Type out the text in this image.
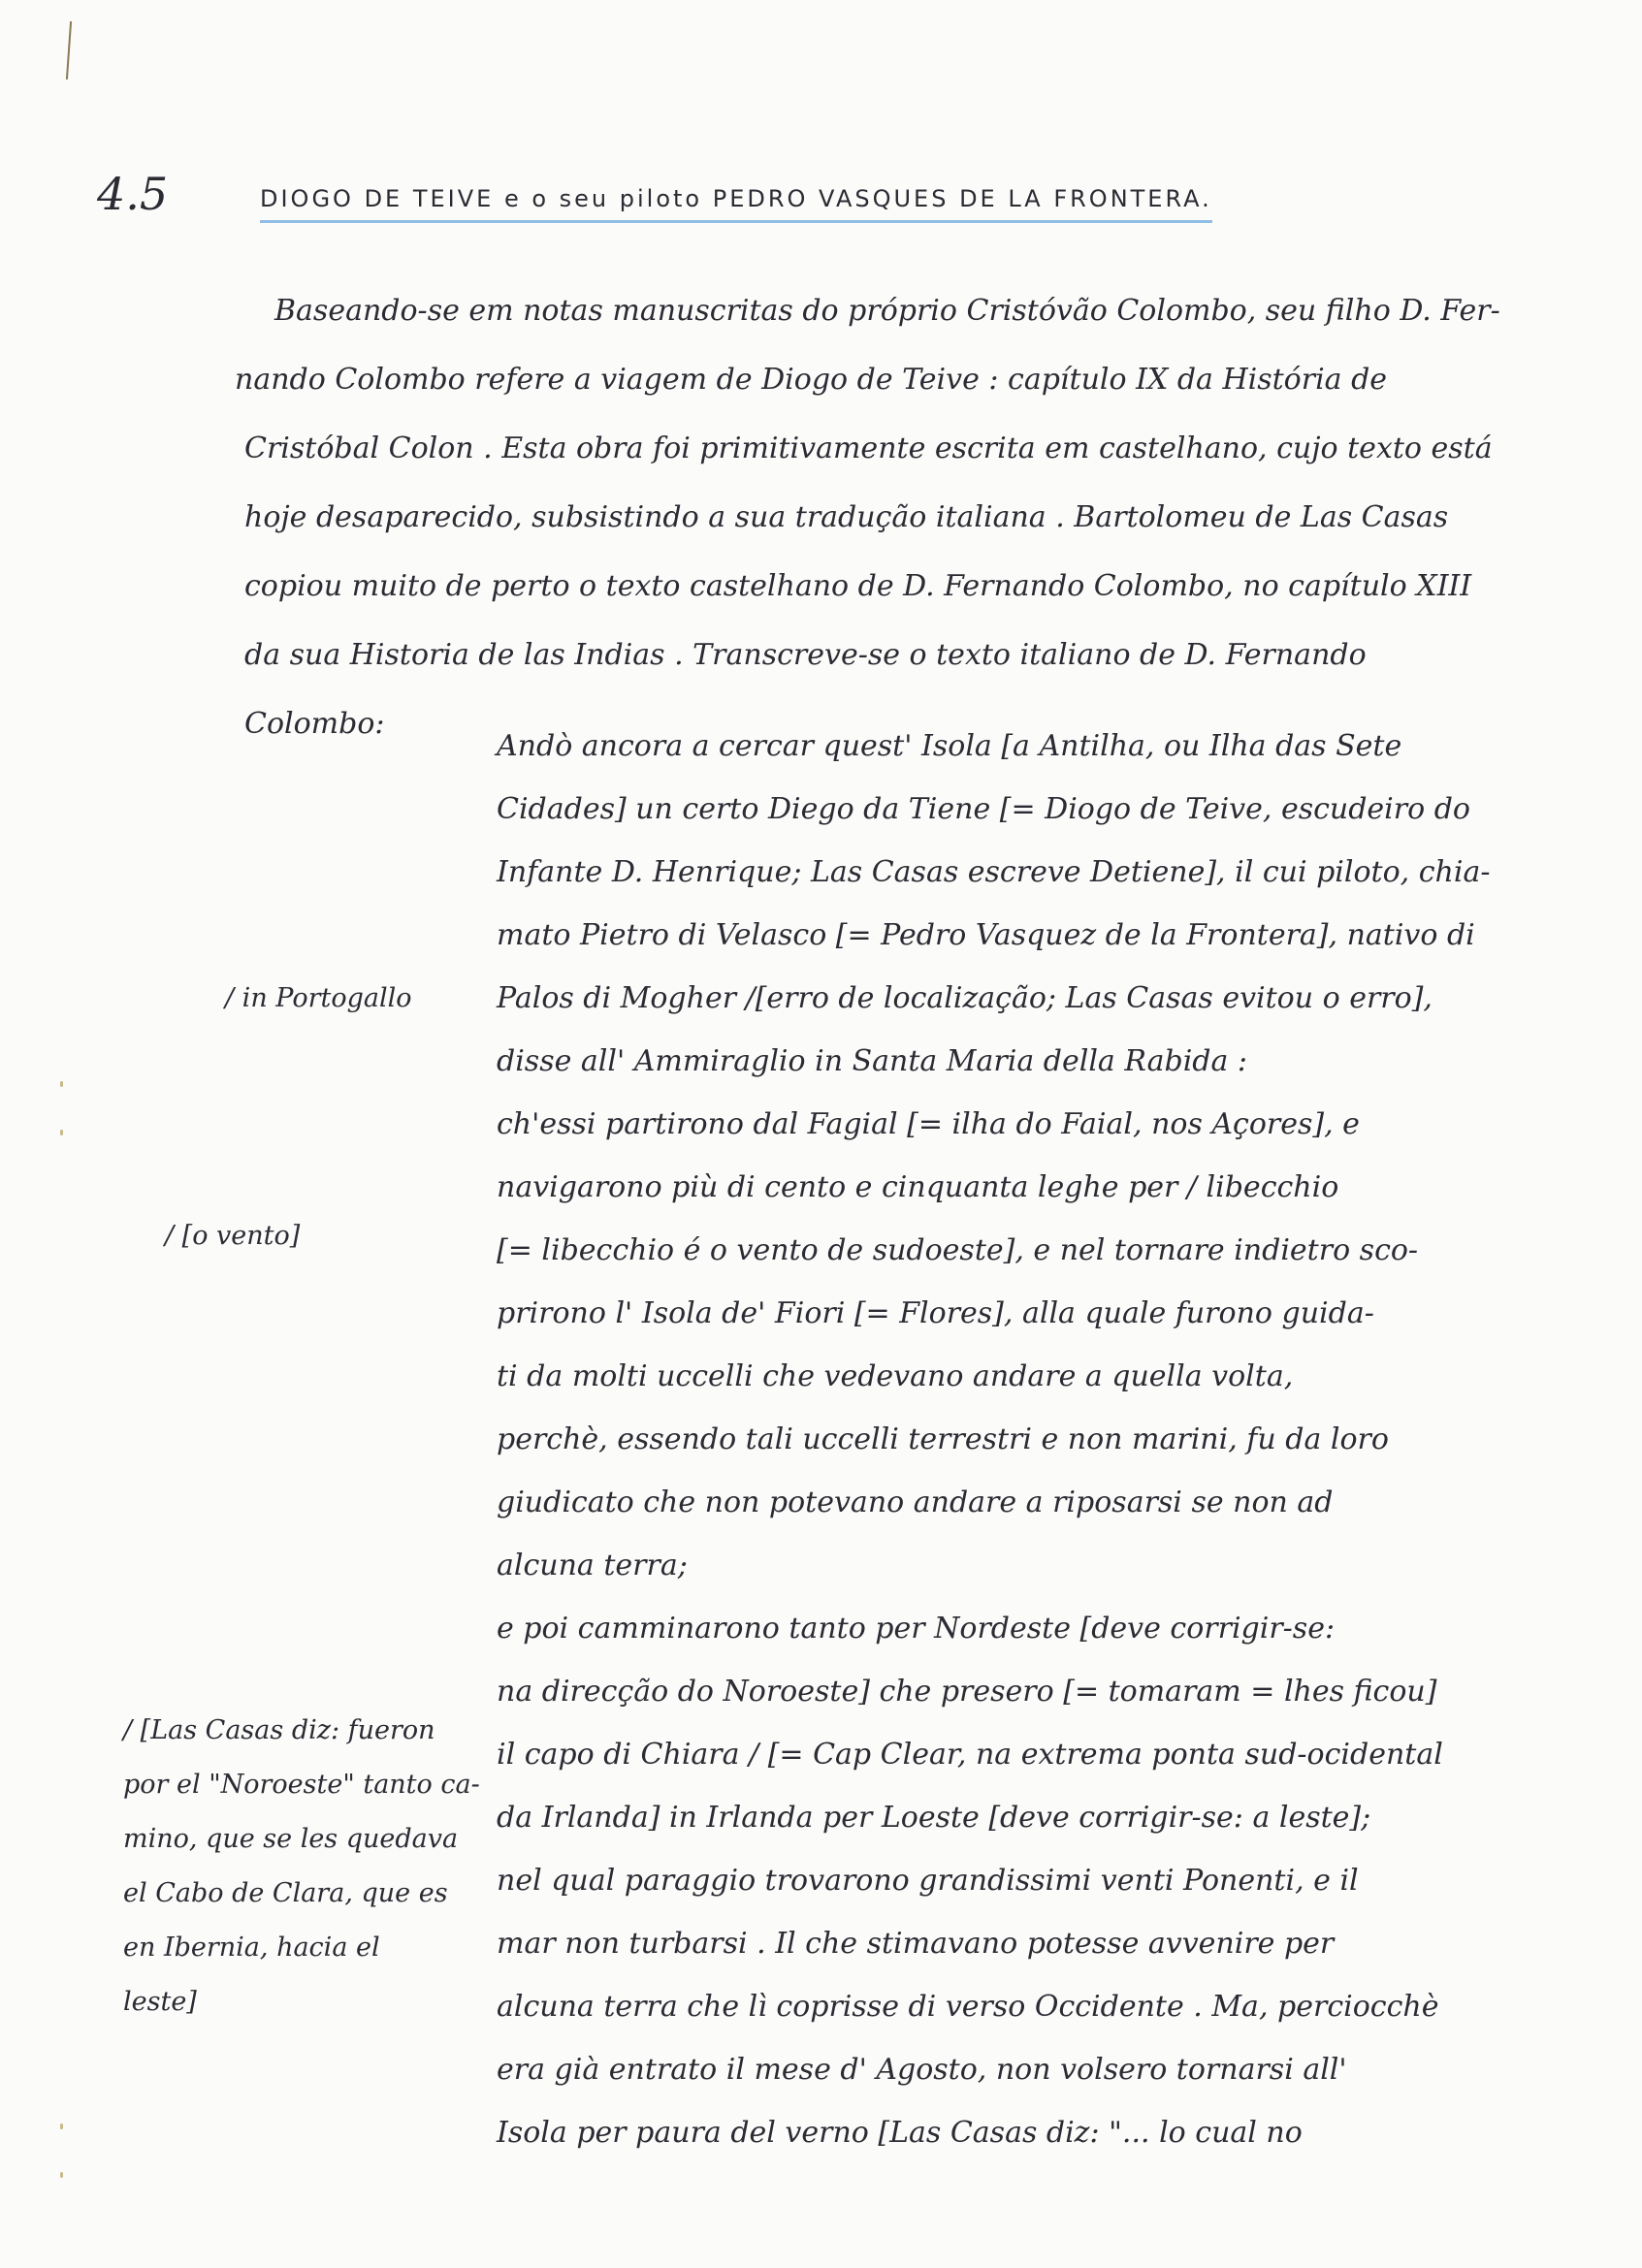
4.5	DIOGO DE TEIVE e o seu piloto PEDRO VASQUES DE LA FRONTERA.
Baseando-se em notas manuscritas do próprio Cristóvão Colombo, seu filho D. Fer-
nando Colombo refere a viagem de Diogo de Teive : capítulo IX da História de
Cristóbal Colon . Esta obra foi primitivamente escrita em castelhano, cujo texto está
hoje desaparecido, subsistindo a sua tradução italiana . Bartolomeu de Las Casas
copiou muito de perto o texto castelhano de D. Fernando Colombo, no capítulo XIII
da sua Historia de las Indias . Transcreve-se o texto italiano de D. Fernando
Colombo:
Andò ancora a cercar quest' Isola [a Antilha, ou Ilha das Sete
Cidades] un certo Diego da Tiene [= Diogo de Teive, escudeiro do
Infante D. Henrique; Las Casas escreve Detiene], il cui piloto, chia-
mato Pietro di Velasco [= Pedro Vasquez de la Frontera], nativo di
Palos di Mogher /[erro de localização; Las Casas evitou o erro],
disse all' Ammiraglio in Santa Maria della Rabida :
ch'essi partirono dal Fagial [= ilha do Faial, nos Açores], e
navigarono più di cento e cinquanta leghe per / libecchio
[= libecchio é o vento de sudoeste], e nel tornare indietro sco-
prirono l' Isola de' Fiori [= Flores], alla quale furono guida-
ti da molti uccelli che vedevano andare a quella volta,
perchè, essendo tali uccelli terrestri e non marini, fu da loro
giudicato che non potevano andare a riposarsi se non ad
alcuna terra;
e poi camminarono tanto per Nordeste [deve corrigir-se:
na direcção do Noroeste] che presero [= tomaram = lhes ficou]
il capo di Chiara / [= Cap Clear, na extrema ponta sud-ocidental
da Irlanda] in Irlanda per Loeste [deve corrigir-se: a leste];
nel qual paraggio trovarono grandissimi venti Ponenti, e il
mar non turbarsi . Il che stimavano potesse avvenire per
alcuna terra che lì coprisse di verso Occidente . Ma, perciocchè
era già entrato il mese d' Agosto, non volsero tornarsi all'
Isola per paura del verno [Las Casas diz: "... lo cual no
/ in Portogallo
/ [o vento]
/ [Las Casas diz: fueron
por el "Noroeste" tanto ca-
mino, que se les quedava
el Cabo de Clara, que es
en Ibernia, hacia el
leste]
